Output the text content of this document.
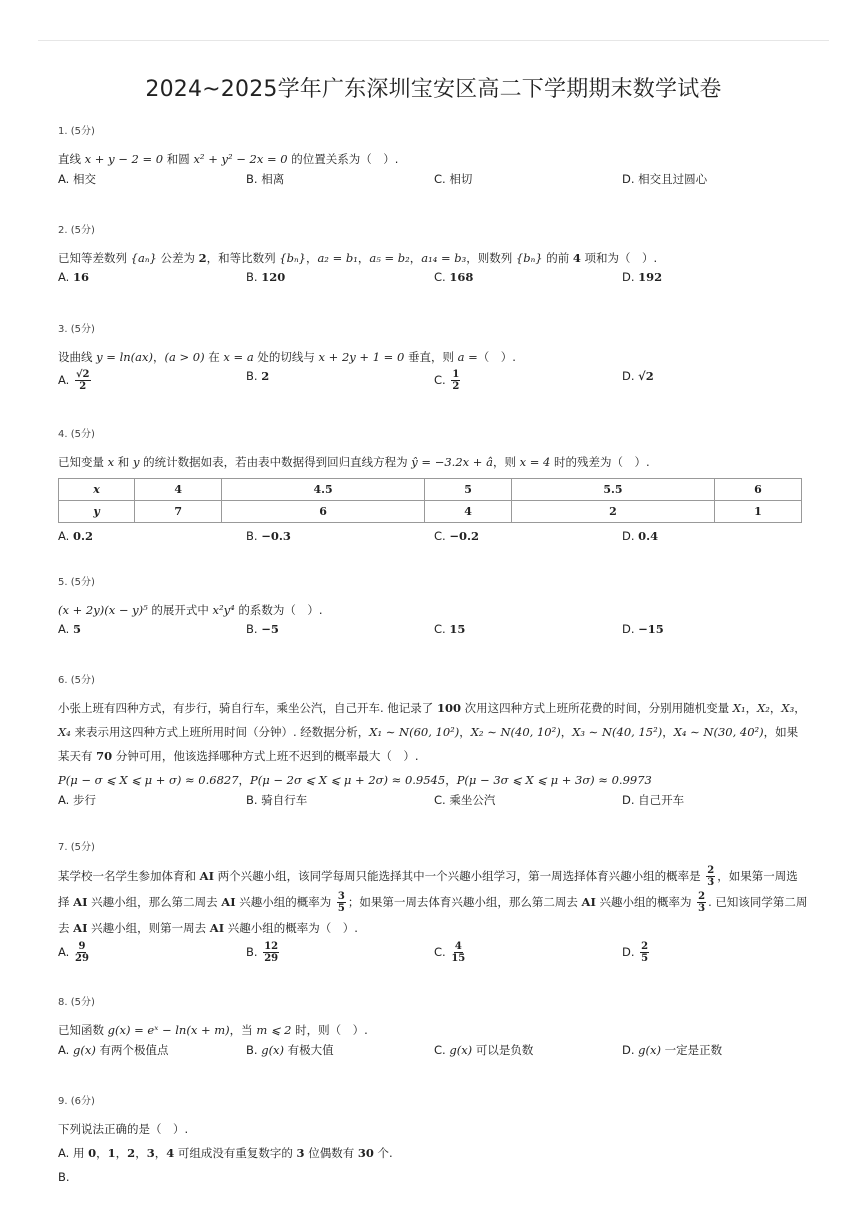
2024~2025学年广东深圳宝安区高二下学期期末数学试卷
1. (5分)
直线 x + y − 2 = 0 和圆 x² + y² − 2x = 0 的位置关系为（　）.
A. 相交	B. 相离	C. 相切	D. 相交且过圆心
2. (5分)
已知等差数列 {aₙ} 公差为 2，和等比数列 {bₙ}，a₂ = b₁，a₅ = b₂，a₁₄ = b₃，则数列 {bₙ} 的前 4 项和为（　）.
A. 16	B. 120	C. 168	D. 192
3. (5分)
设曲线 y = ln(ax)，(a > 0) 在 x = a 处的切线与 x + 2y + 1 = 0 垂直，则 a =（　）.
A. $\frac{√2}{2}$	B. 2	C. $\frac{1}{2}$	D. √2
4. (5分)
已知变量 x 和 y 的统计数据如表，若由表中数据得到回归直线方程为 ŷ = −3.2x + â，则 x = 4 时的残差为（　）.
x	4	4.5	5	5.5	6
y	7	6	4	2	1
A. 0.2	B. −0.3	C. −0.2	D. 0.4
5. (5分)
(x + 2y)(x − y)⁵ 的展开式中 x²y⁴ 的系数为（　）.
A. 5	B. −5	C. 15	D. −15
6. (5分)
小张上班有四种方式，有步行，骑自行车，乘坐公汽，自己开车. 他记录了 100 次用这四种方式上班所花费的时间，分别用随机变量 X₁，X₂，X₃，X₄ 来表示用这四种方式上班所用时间（分钟）. 经数据分析，X₁ ∼ N(60, 10²)，X₂ ∼ N(40, 10²)，X₃ ∼ N(40, 15²)，X₄ ∼ N(30, 40²)，如果某天有 70 分钟可用，他该选择哪种方式上班不迟到的概率最大（　）.
P(μ − σ ⩽ X ⩽ μ + σ) ≈ 0.6827，P(μ − 2σ ⩽ X ⩽ μ + 2σ) ≈ 0.9545，P(μ − 3σ ⩽ X ⩽ μ + 3σ) ≈ 0.9973
A. 步行	B. 骑自行车	C. 乘坐公汽	D. 自己开车
7. (5分)
某学校一名学生参加体育和 AI 两个兴趣小组，该同学每周只能选择其中一个兴趣小组学习，第一周选择体育兴趣小组的概率是 $\frac{2}{3}$ ，如果第一周选择 AI 兴趣小组，那么第二周去 AI 兴趣小组的概率为 $\frac{3}{5}$ ；如果第一周去体育兴趣小组，那么第二周去 AI 兴趣小组的概率为 $\frac{2}{3}$ . 已知该同学第二周去 AI 兴趣小组，则第一周去 AI 兴趣小组的概率为（　）.
A. $\frac{9}{29}$	B. $\frac{12}{29}$	C. $\frac{4}{15}$	D. $\frac{2}{5}$
8. (5分)
已知函数 g(x) = eˣ − ln(x + m)，当 m ⩽ 2 时，则（　）.
A. g(x) 有两个极值点	B. g(x) 有极大值	C. g(x) 可以是负数	D. g(x) 一定是正数
9. (6分)
下列说法正确的是（　）.
A. 用 0，1，2，3，4 可组成没有重复数字的 3 位偶数有 30 个.
B.
